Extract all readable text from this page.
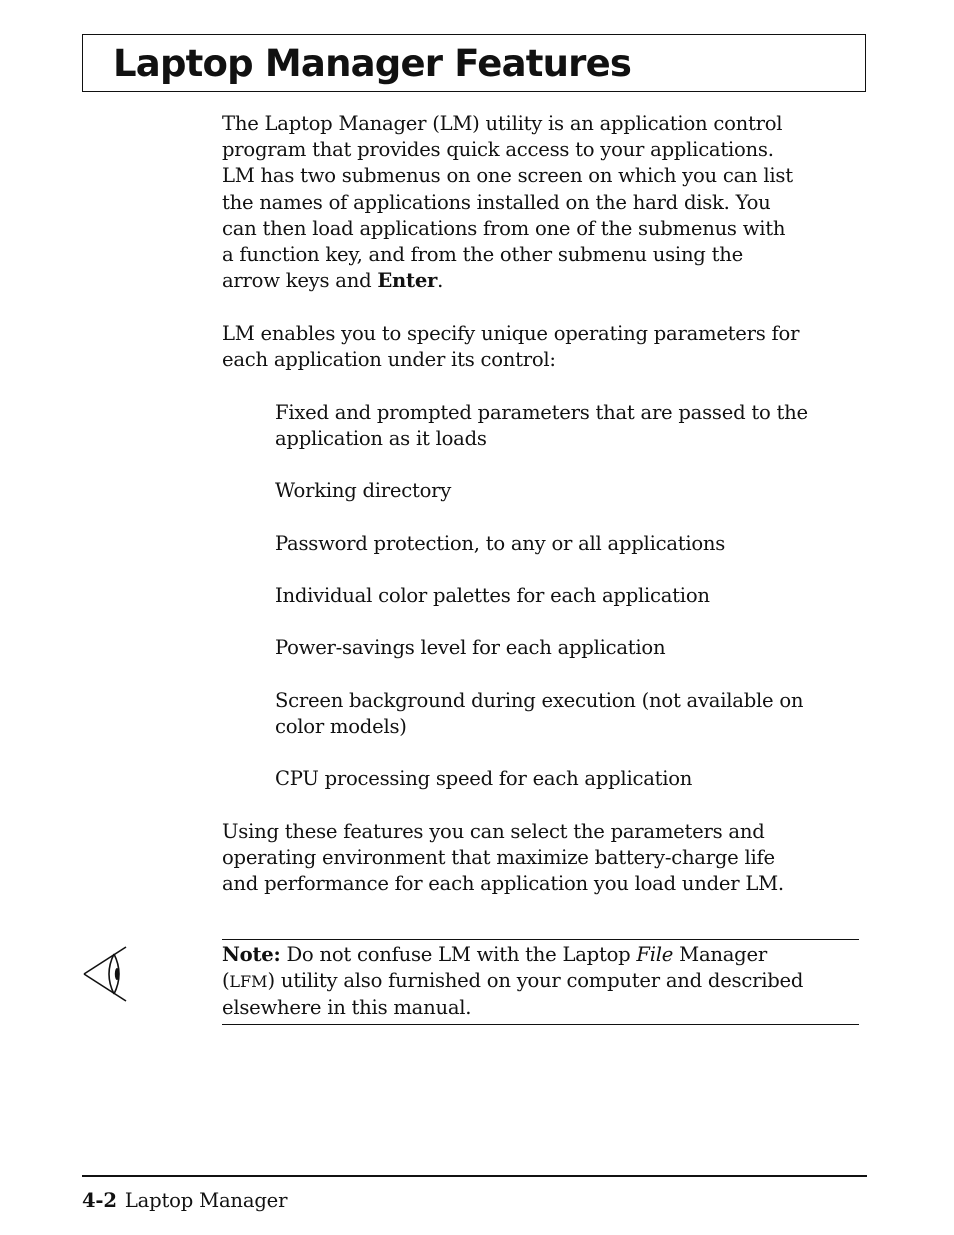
Laptop Manager Features

The Laptop Manager (LM) utility is an application control
program that provides quick access to your applications.
LM has two submenus on one screen on which you can list
the names of applications installed on the hard disk. You
can then load applications from one of the submenus with
a function key, and from the other submenu using the
arrow keys and Enter.

LM enables you to specify unique operating parameters for
each application under its control:

Fixed and prompted parameters that are passed to the
application as it loads

Working directory

Password protection, to any or all applications

Individual color palettes for each application

Power-savings level for each application

Screen background during execution (not available on
color models)

CPU processing speed for each application

Using these features you can select the parameters and
operating environment that maximize battery-charge life
and performance for each application you load under LM.

Note: Do not confuse LM with the Laptop File Manager
(LFM) utility also furnished on your computer and described
elsewhere in this manual.
4-2 Laptop Manager
